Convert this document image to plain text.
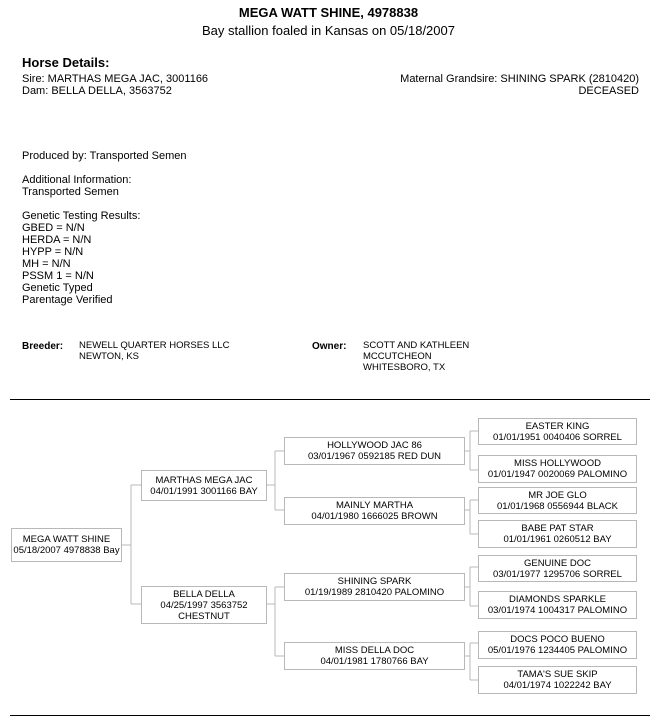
MEGA WATT SHINE, 4978838
Bay stallion foaled in Kansas on 05/18/2007
Horse Details:
Sire: MARTHAS MEGA JAC, 3001166
Dam: BELLA DELLA, 3563752
Maternal Grandsire: SHINING SPARK (2810420)
DECEASED
Produced by: Transported Semen
Additional Information:
Transported Semen
Genetic Testing Results:
GBED = N/N
HERDA = N/N
HYPP = N/N
MH = N/N
PSSM 1 = N/N
Genetic Typed
Parentage Verified
Breeder: NEWELL QUARTER HORSES LLC
NEWTON, KS
Owner: SCOTT AND KATHLEEN
MCCUTCHEON
WHITESBORO, TX
MEGA WATT SHINE
05/18/2007 4978838 Bay
MARTHAS MEGA JAC
04/01/1991 3001166 BAY
BELLA DELLA
04/25/1997 3563752
CHESTNUT
HOLLYWOOD JAC 86
03/01/1967 0592185 RED DUN
MAINLY MARTHA
04/01/1980 1666025 BROWN
SHINING SPARK
01/19/1989 2810420 PALOMINO
MISS DELLA DOC
04/01/1981 1780766 BAY
EASTER KING
01/01/1951 0040406 SORREL
MISS HOLLYWOOD
01/01/1947 0020069 PALOMINO
MR JOE GLO
01/01/1968 0556944 BLACK
BABE PAT STAR
01/01/1961 0260512 BAY
GENUINE DOC
03/01/1977 1295706 SORREL
DIAMONDS SPARKLE
03/01/1974 1004317 PALOMINO
DOCS POCO BUENO
05/01/1976 1234405 PALOMINO
TAMA'S SUE SKIP
04/01/1974 1022242 BAY
